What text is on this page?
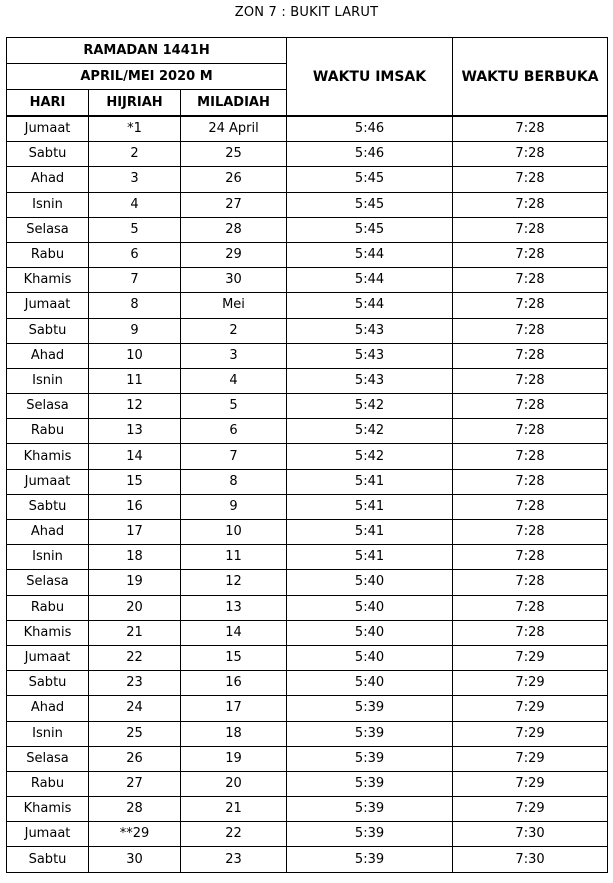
ZON 7 : BUKIT LARUT
RAMADAN 1441H			WAKTU IMSAK	WAKTU BERBUKA
APRIL/MEI 2020 M				
HARI	HIJRIAH	MILADIAH		
Jumaat	*1	24 April	5:46	7:28
Sabtu	2	25	5:46	7:28
Ahad	3	26	5:45	7:28
Isnin	4	27	5:45	7:28
Selasa	5	28	5:45	7:28
Rabu	6	29	5:44	7:28
Khamis	7	30	5:44	7:28
Jumaat	8	Mei	5:44	7:28
Sabtu	9	2	5:43	7:28
Ahad	10	3	5:43	7:28
Isnin	11	4	5:43	7:28
Selasa	12	5	5:42	7:28
Rabu	13	6	5:42	7:28
Khamis	14	7	5:42	7:28
Jumaat	15	8	5:41	7:28
Sabtu	16	9	5:41	7:28
Ahad	17	10	5:41	7:28
Isnin	18	11	5:41	7:28
Selasa	19	12	5:40	7:28
Rabu	20	13	5:40	7:28
Khamis	21	14	5:40	7:28
Jumaat	22	15	5:40	7:29
Sabtu	23	16	5:40	7:29
Ahad	24	17	5:39	7:29
Isnin	25	18	5:39	7:29
Selasa	26	19	5:39	7:29
Rabu	27	20	5:39	7:29
Khamis	28	21	5:39	7:29
Jumaat	**29	22	5:39	7:30
Sabtu	30	23	5:39	7:30
